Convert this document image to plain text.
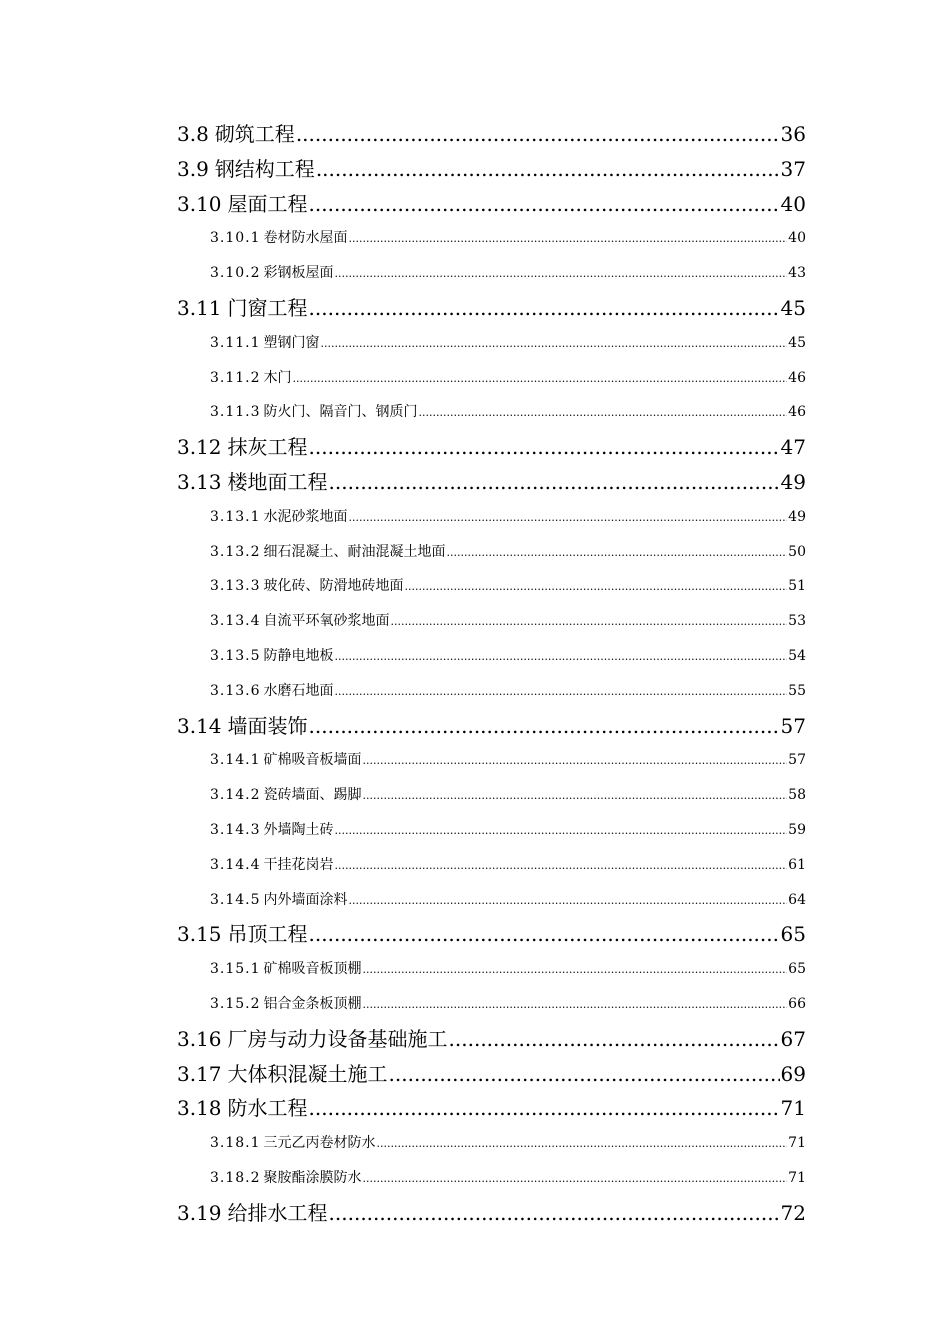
3.8 砌筑工程 .....	36
3.9 钢结构工程 .....	37
3.10 屋面工程 .....	40
3.10.1 卷材防水屋面 .....	40
3.10.2 彩钢板屋面 .....	43
3.11 门窗工程 .....	45
3.11.1 塑钢门窗 .....	45
3.11.2 木门 .....	46
3.11.3 防火门、隔音门、钢质门 .....	46
3.12 抹灰工程 .....	47
3.13 楼地面工程 .....	49
3.13.1 水泥砂浆地面 .....	49
3.13.2 细石混凝土、耐油混凝土地面 .....	50
3.13.3 玻化砖、防滑地砖地面 .....	51
3.13.4 自流平环氧砂浆地面 .....	53
3.13.5 防静电地板 .....	54
3.13.6 水磨石地面 .....	55
3.14 墙面装饰 .....	57
3.14.1 矿棉吸音板墙面 .....	57
3.14.2 瓷砖墙面、踢脚 .....	58
3.14.3 外墙陶土砖 .....	59
3.14.4 干挂花岗岩 .....	61
3.14.5 内外墙面涂料 .....	64
3.15 吊顶工程 .....	65
3.15.1 矿棉吸音板顶棚 .....	65
3.15.2 铝合金条板顶棚 .....	66
3.16 厂房与动力设备基础施工 .....	67
3.17 大体积混凝土施工 .....	69
3.18 防水工程 .....	71
3.18.1 三元乙丙卷材防水 .....	71
3.18.2 聚胺酯涂膜防水 .....	71
3.19 给排水工程 .....	72
